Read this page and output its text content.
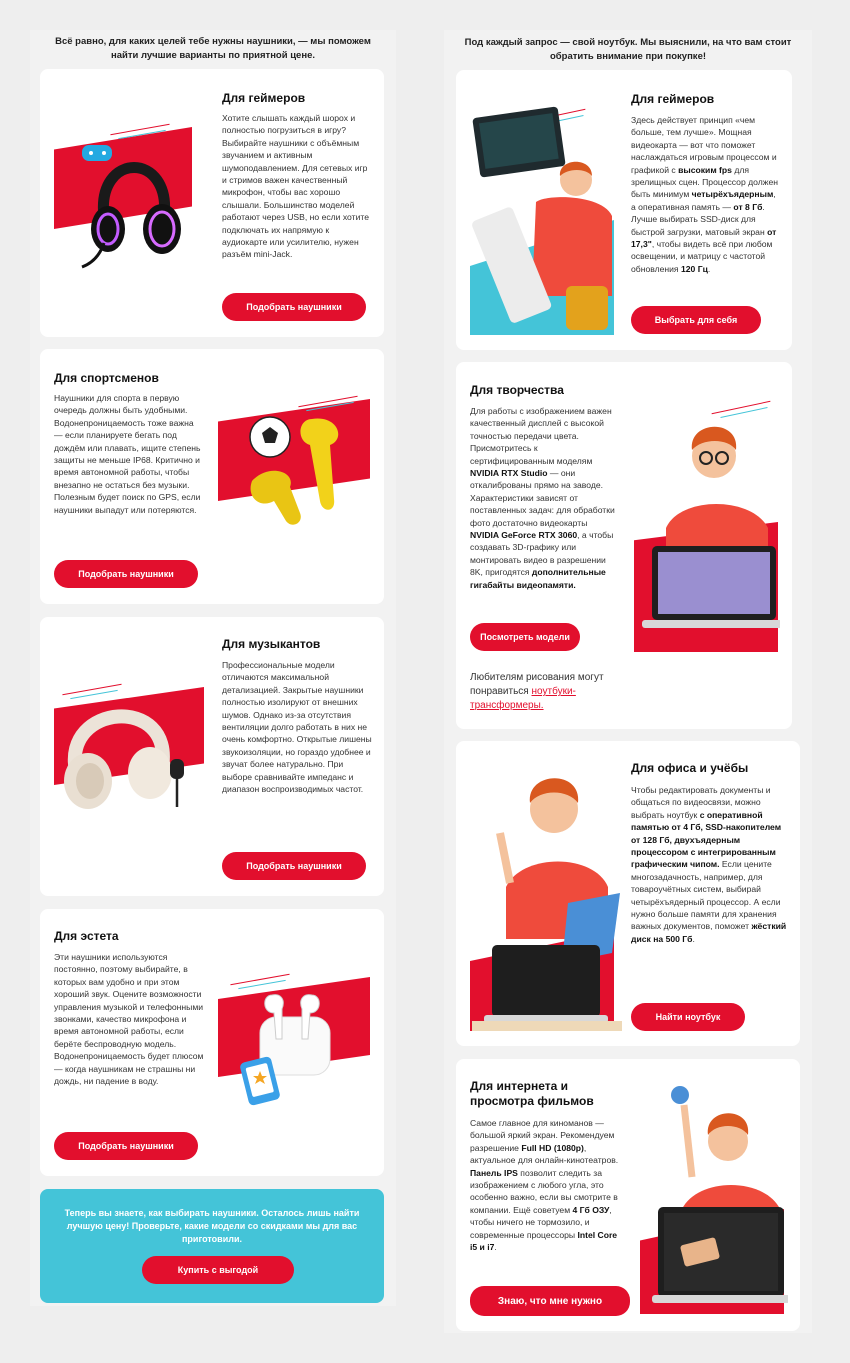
Всё равно, для каких целей тебе нужны наушники, — мы поможем найти лучшие варианты по приятной цене.
Для геймеров
Хотите слышать каждый шорох и полностью погрузиться в игру? Выбирайте наушники с объёмным звучанием и активным шумоподавлением. Для сетевых игр и стримов важен качественный микрофон, чтобы вас хорошо слышали. Большинство моделей работают через USB, но если хотите подключать их напрямую к аудиокарте или усилителю, нужен разъём mini-Jack.
Подобрать наушники
Для спортсменов
Наушники для спорта в первую очередь должны быть удобными. Водонепроницаемость тоже важна — если планируете бегать под дождём или плавать, ищите степень защиты не меньше IP68. Критично и время автономной работы, чтобы внезапно не остаться без музыки. Полезным будет поиск по GPS, если наушники выпадут или потеряются.
Подобрать наушники
Для музыкантов
Профессиональные модели отличаются максимальной детализацией. Закрытые наушники полностью изолируют от внешних шумов. Однако из-за отсутствия вентиляции долго работать в них не очень комфортно. Открытые лишены звукоизоляции, но гораздо удобнее и звучат более натурально. При выборе сравнивайте импеданс и диапазон воспроизводимых частот.
Подобрать наушники
Для эстета
Эти наушники используются постоянно, поэтому выбирайте, в которых вам удобно и при этом хороший звук. Оцените возможности управления музыкой и телефонными звонками, качество микрофона и время автономной работы, если берёте беспроводную модель. Водонепроницаемость будет плюсом — когда наушникам не страшны ни дождь, ни падение в воду.
Подобрать наушники
Теперь вы знаете, как выбирать наушники. Осталось лишь найти лучшую цену! Проверьте, какие модели со скидками мы для вас приготовили.
Купить с выгодой
Под каждый запрос — свой ноутбук. Мы выяснили, на что вам стоит обратить внимание при покупке!
Для геймеров
Здесь действует принцип «чем больше, тем лучше». Мощная видеокарта — вот что поможет наслаждаться игровым процессом и графикой с высоким fps для зрелищных сцен. Процессор должен быть минимум четырёхъядерным, а оперативная память — от 8 Гб. Лучше выбирать SSD-диск для быстрой загрузки, матовый экран от 17,3", чтобы видеть всё при любом освещении, и матрицу с частотой обновления 120 Гц.
Выбрать для себя
Для творчества
Для работы с изображением важен качественный дисплей с высокой точностью передачи цвета. Присмотритесь к сертифицированным моделям NVIDIA RTX Studio — они откалиброваны прямо на заводе. Характеристики зависят от поставленных задач: для обработки фото достаточно видеокарты NVIDIA GeForce RTX 3060, а чтобы создавать 3D-графику или монтировать видео в разрешении 8K, пригодятся дополнительные гигабайты видеопамяти.
Посмотреть модели
Любителям рисования могут понравиться ноутбуки-трансформеры.
Для офиса и учёбы
Чтобы редактировать документы и общаться по видеосвязи, можно выбрать ноутбук с оперативной памятью от 4 Гб, SSD-накопителем от 128 Гб, двухъядерным процессором с интегрированным графическим чипом. Если цените многозадачность, например, для товароучётных систем, выбирай четырёхъядерный процессор. А если нужно больше памяти для хранения важных документов, поможет жёсткий диск на 500 Гб.
Найти ноутбук
Для интернета и просмотра фильмов
Самое главное для киноманов — большой яркий экран. Рекомендуем разрешение Full HD (1080p), актуальное для онлайн-кинотеатров. Панель IPS позволит следить за изображением с любого угла, это особенно важно, если вы смотрите в компании. Ещё советуем 4 Гб ОЗУ, чтобы ничего не тормозило, и современные процессоры Intel Core i5 и i7.
Знаю, что мне нужно
